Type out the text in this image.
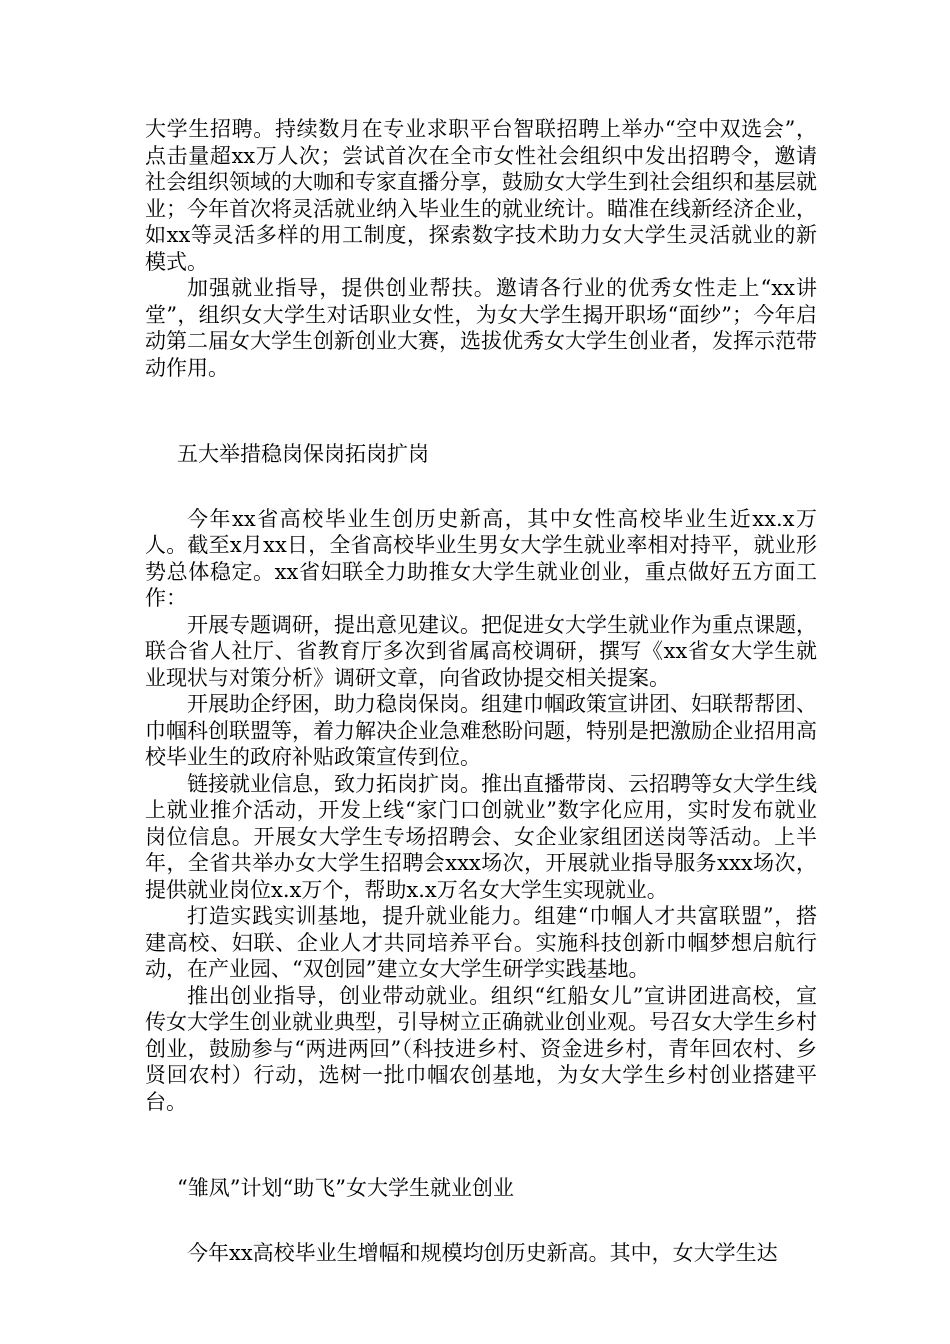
大学生招聘。持续数月在专业求职平台智联招聘上举办“空中双选会”，点击量超xx万人次；尝试首次在全市女性社会组织中发出招聘令，邀请社会组织领域的大咖和专家直播分享，鼓励女大学生到社会组织和基层就业；今年首次将灵活就业纳入毕业生的就业统计。瞄准在线新经济企业，如xx等灵活多样的用工制度，探索数字技术助力女大学生灵活就业的新模式。

加强就业指导，提供创业帮扶。邀请各行业的优秀女性走上“xx讲堂”，组织女大学生对话职业女性，为女大学生揭开职场“面纱”；今年启动第二届女大学生创新创业大赛，选拔优秀女大学生创业者，发挥示范带动作用。

五大举措稳岗保岗拓岗扩岗

今年xx省高校毕业生创历史新高，其中女性高校毕业生近xx.x万人。截至x月xx日，全省高校毕业生男女大学生就业率相对持平，就业形势总体稳定。xx省妇联全力助推女大学生就业创业，重点做好五方面工作：

开展专题调研，提出意见建议。把促进女大学生就业作为重点课题，联合省人社厅、省教育厅多次到省属高校调研，撰写《xx省女大学生就业现状与对策分析》调研文章，向省政协提交相关提案。

开展助企纾困，助力稳岗保岗。组建巾帼政策宣讲团、妇联帮帮团、巾帼科创联盟等，着力解决企业急难愁盼问题，特别是把激励企业招用高校毕业生的政府补贴政策宣传到位。

链接就业信息，致力拓岗扩岗。推出直播带岗、云招聘等女大学生线上就业推介活动，开发上线“家门口创就业”数字化应用，实时发布就业岗位信息。开展女大学生专场招聘会、女企业家组团送岗等活动。上半年，全省共举办女大学生招聘会xxx场次，开展就业指导服务xxx场次，提供就业岗位x.x万个，帮助x.x万名女大学生实现就业。

打造实践实训基地，提升就业能力。组建“巾帼人才共富联盟”，搭建高校、妇联、企业人才共同培养平台。实施科技创新巾帼梦想启航行动，在产业园、“双创园”建立女大学生研学实践基地。

推出创业指导，创业带动就业。组织“红船女儿”宣讲团进高校，宣传女大学生创业就业典型，引导树立正确就业创业观。号召女大学生乡村创业，鼓励参与“两进两回”（科技进乡村、资金进乡村，青年回农村、乡贤回农村）行动，选树一批巾帼农创基地，为女大学生乡村创业搭建平台。

“雏凤”计划“助飞”女大学生就业创业

今年xx高校毕业生增幅和规模均创历史新高。其中，女大学生达
